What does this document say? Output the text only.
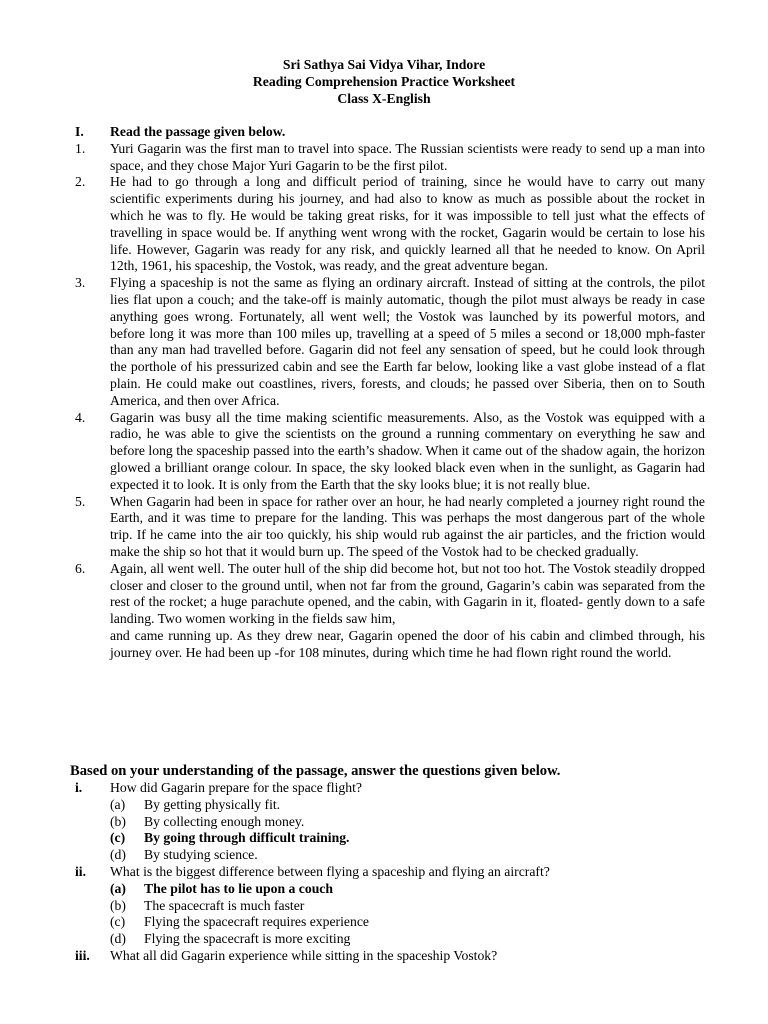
Sri Sathya Sai Vidya Vihar, Indore
Reading Comprehension Practice Worksheet
Class X-English
I.	Read the passage given below.
1.	Yuri Gagarin was the first man to travel into space. The Russian scientists were ready to send up a man into space, and they chose Major Yuri Gagarin to be the first pilot.
2.	He had to go through a long and difficult period of training, since he would have to carry out many scientific experiments during his journey, and had also to know as much as possible about the rocket in which he was to fly. He would be taking great risks, for it was impossible to tell just what the effects of travelling in space would be. If anything went wrong with the rocket, Gagarin would be certain to lose his life. However, Gagarin was ready for any risk, and quickly learned all that he needed to know. On April 12th, 1961, his spaceship, the Vostok, was ready, and the great adventure began.
3.	Flying a spaceship is not the same as flying an ordinary aircraft. Instead of sitting at the controls, the pilot lies flat upon a couch; and the take-off is mainly automatic, though the pilot must always be ready in case anything goes wrong. Fortunately, all went well; the Vostok was launched by its powerful motors, and before long it was more than 100 miles up, travelling at a speed of 5 miles a second or 18,000 mph-faster than any man had travelled before. Gagarin did not feel any sensation of speed, but he could look through the porthole of his pressurized cabin and see the Earth far below, looking like a vast globe instead of a flat plain. He could make out coastlines, rivers, forests, and clouds; he passed over Siberia, then on to South America, and then over Africa.
4.	Gagarin was busy all the time making scientific measurements. Also, as the Vostok was equipped with a radio, he was able to give the scientists on the ground a running commentary on everything he saw and before long the spaceship passed into the earth’s shadow. When it came out of the shadow again, the horizon glowed a brilliant orange colour. In space, the sky looked black even when in the sunlight, as Gagarin had expected it to look. It is only from the Earth that the sky looks blue; it is not really blue.
5.	When Gagarin had been in space for rather over an hour, he had nearly completed a journey right round the Earth, and it was time to prepare for the landing. This was perhaps the most dangerous part of the whole trip. If he came into the air too quickly, his ship would rub against the air particles, and the friction would make the ship so hot that it would burn up. The speed of the Vostok had to be checked gradually.
6.	Again, all went well. The outer hull of the ship did become hot, but not too hot. The Vostok steadily dropped closer and closer to the ground until, when not far from the ground, Gagarin’s cabin was separated from the rest of the rocket; a huge parachute opened, and the cabin, with Gagarin in it, floated- gently down to a safe landing. Two women working in the fields saw him,
and came running up. As they drew near, Gagarin opened the door of his cabin and climbed through, his journey over. He had been up -for 108 minutes, during which time he had flown right round the world.
Based on your understanding of the passage, answer the questions given below.
i.	How did Gagarin prepare for the space flight?
(a)	By getting physically fit.
(b)	By collecting enough money.
(c)	By going through difficult training.
(d)	By studying science.
ii.	What is the biggest difference between flying a spaceship and flying an aircraft?
(a)	The pilot has to lie upon a couch
(b)	The spacecraft is much faster
(c)	Flying the spacecraft requires experience
(d)	Flying the spacecraft is more exciting
iii.	What all did Gagarin experience while sitting in the spaceship Vostok?
